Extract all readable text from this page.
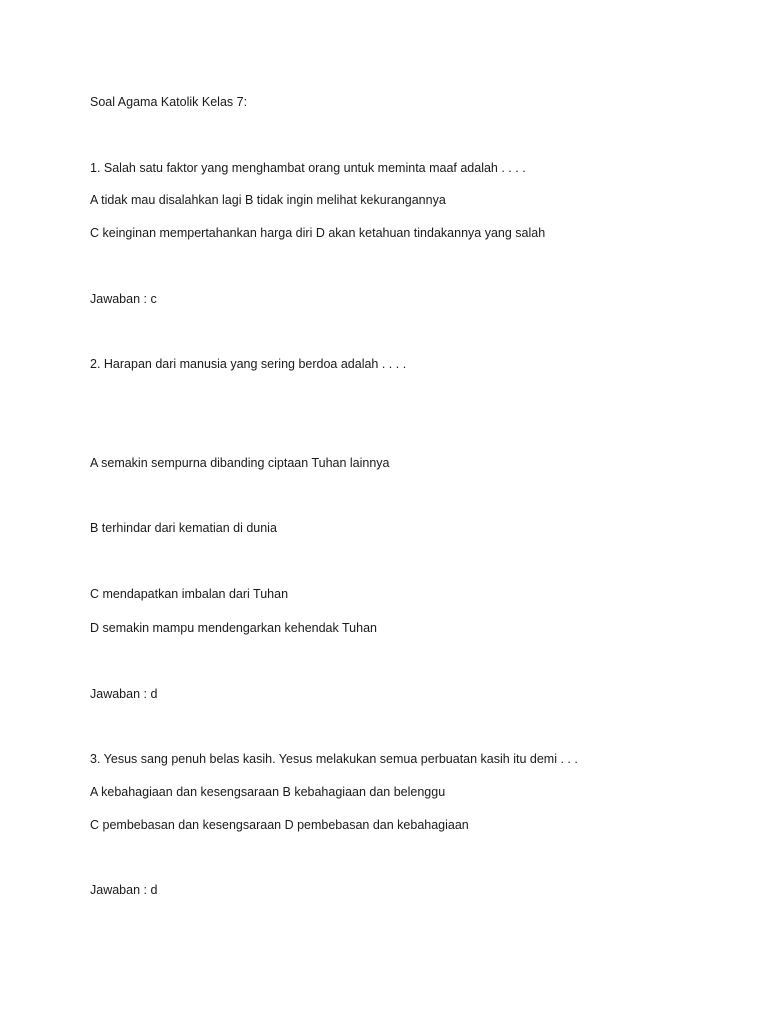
Soal Agama Katolik Kelas 7:
1. Salah satu faktor yang menghambat orang untuk meminta maaf adalah . . . .
A tidak mau disalahkan lagi B tidak ingin melihat kekurangannya
C keinginan mempertahankan harga diri D akan ketahuan tindakannya yang salah
Jawaban : c
2. Harapan dari manusia yang sering berdoa adalah . . . .
A semakin sempurna dibanding ciptaan Tuhan lainnya
B terhindar dari kematian di dunia
C mendapatkan imbalan dari Tuhan
D semakin mampu mendengarkan kehendak Tuhan
Jawaban : d
3. Yesus sang penuh belas kasih. Yesus melakukan semua perbuatan kasih itu demi . . .
A kebahagiaan dan kesengsaraan B kebahagiaan dan belenggu
C pembebasan dan kesengsaraan D pembebasan dan kebahagiaan
Jawaban : d
